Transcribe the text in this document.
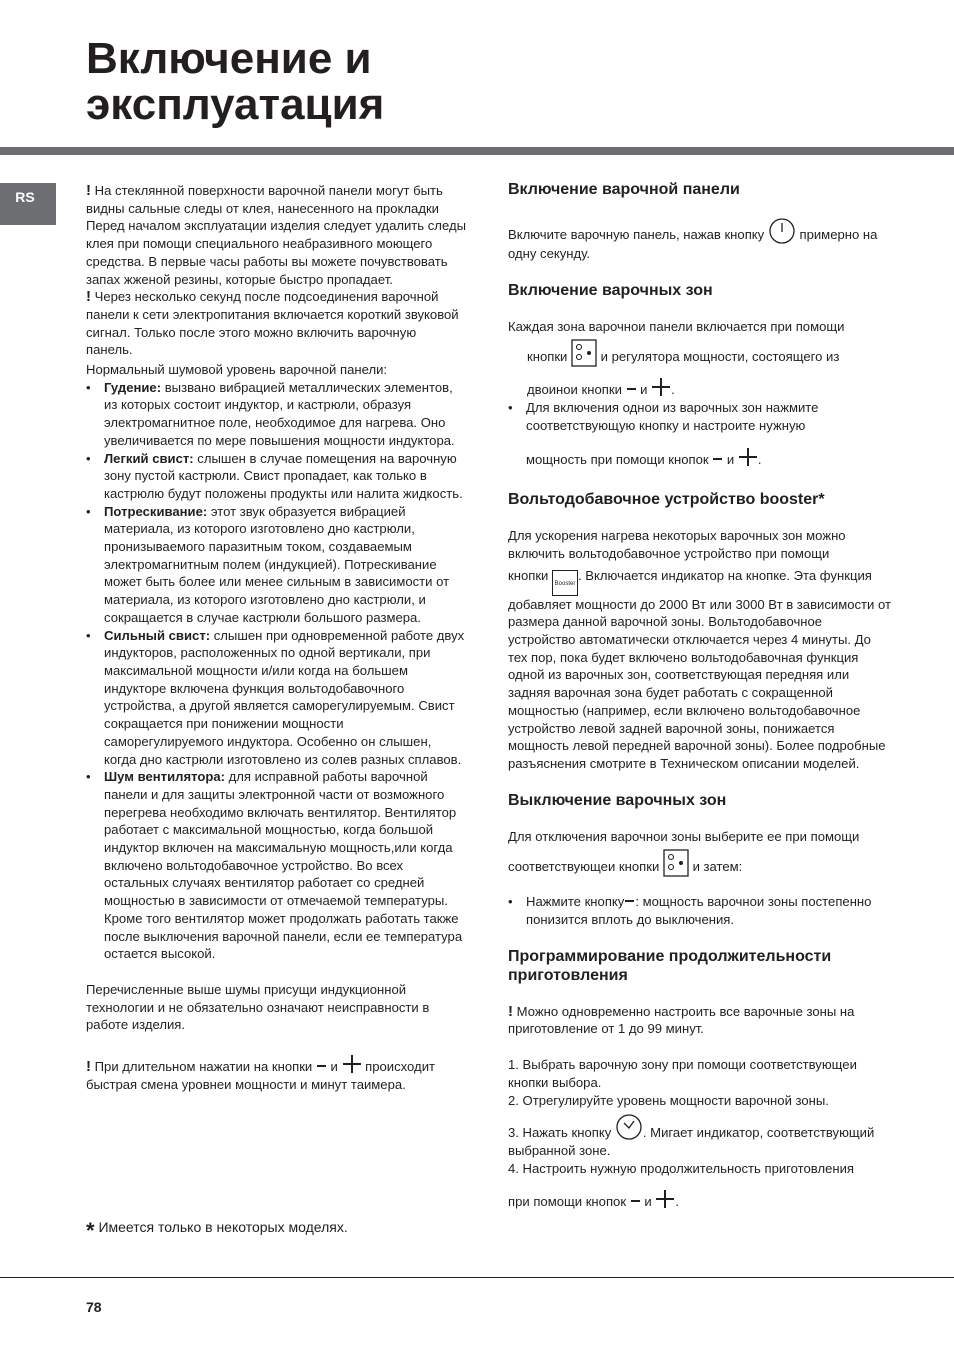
Включение и
эксплуатация
RS	! На стеклянной поверхности варочной панели могут быть видны сальные следы от клея, нанесенного на прокладки Перед началом эксплуатации изделия следует удалить следы клея при помощи специального неабразивного моющего средства. В первые часы работы вы можете почувствовать запах жженой резины, которые быстро пропадает.

! Через несколько секунд после подсоединения варочной панели к сети электропитания включается короткий звуковой сигнал. Только после этого можно включить варочную панель.

Нормальный шумовой уровень варочной панели:

• Гудение: вызвано вибрацией металлических элементов, из которых состоит индуктор, и кастрюли, образуя электромагнитное поле, необходимое для нагрева. Оно увеличивается по мере повышения мощности индуктора.
• Легкий свист: слышен в случае помещения на варочную зону пустой кастрюли. Свист пропадает, как только в кастрюлю будут положены продукты или налита жидкость.
• Потрескивание: этот звук образуется вибрацией материала, из которого изготовлено дно кастрюли, пронизываемого паразитным током, создаваемым электромагнитным полем (индукцией). Потрескивание может быть более или менее сильным в зависимости от материала, из которого изготовлено дно кастрюли, и сокращается в случае кастрюли большого размера.
• Сильный свист: слышен при одновременной работе двух индукторов, расположенных по одной вертикали, при максимальной мощности и/или когда на большем индукторе включена функция вольтодобавочного устройства, а другой является саморегулируемым. Свист сокращается при понижении мощности саморегулируемого индуктора. Особенно он слышен, когда дно кастрюли изготовлено из солев разных сплавов.
• Шум вентилятора: для исправной работы варочной панели и для защиты электронной части от возможного перегрева необходимо включать вентилятор. Вентилятор работает с максимальной мощностью, когда большой индуктор включен на максимальную мощность,или когда включено вольтодобавочное устройство. Во всех остальных случаях вентилятор работает со средней мощностью в зависимости от отмечаемой температуры. Кроме того вентилятор может продолжать работать также после выключения варочной панели, если ее температура остается высокой.

Перечисленные выше шумы присущи индукционной технологии и не обязательно означают неисправности в работе изделия.

! При длительном нажатии на кнопки и происходит быстрая смена уровнеи мощности и минут таимера.

* Имеется только в некоторых моделях.
Включение варочной панели

Включите варочную панель, нажав кнопку	примерно на одну секунду.

Включение варочных зон

Каждая зона варочнои панели включается при помощи

кнопки	и регулятора мощности, состоящего из

двоинои кнопки и .

• Для включения однои из варочных зон нажмите соответствующую кнопку и настроите нужную
мощность при помощи кнопок и .
Вольтодобавочное устройство booster*

Для ускорения нагрева некоторых варочных зон можно включить вольтодобавочное устройство при помощи

кнопки Booster. Включается индикатор на кнопке. Эта функция добавляет мощности до 2000 Вт или 3000 Вт в зависимости от размера данной варочной зоны. Вольтодобавочное устройство автоматически отключается через 4 минуты. До тех пор, пока будет включено вольтодобавочная функция одной из варочных зон, соответствующая передняя или задняя варочная зона будет работать с сокращенной мощностью (например, если включено вольтодобавочное устройство левой задней варочной зоны, понижается мощность левой передней варочной зоны). Более подробные разъяснения смотрите в Техническом описании моделей.

Выключение варочных зон

Для отключения варочнои зоны выберите ее при помощи

соответствующеи кнопки	и затем:

• Нажмите кнопку : мощность варочнои зоны постепенно понизится вплоть до выключения.
Программирование продолжительности приготовления

! Можно одновременно настроить все варочные зоны на приготовление от 1 до 99 минут.

1. Выбрать варочную зону при помощи соответствующеи кнопки выбора.

2. Отрегулируйте уровень мощности варочной зоны.

3. Нажать кнопку . Мигает индикатор, соответствующий выбранной зоне.

4. Настроить нужную продолжительность приготовления

при помощи кнопок и .

78
